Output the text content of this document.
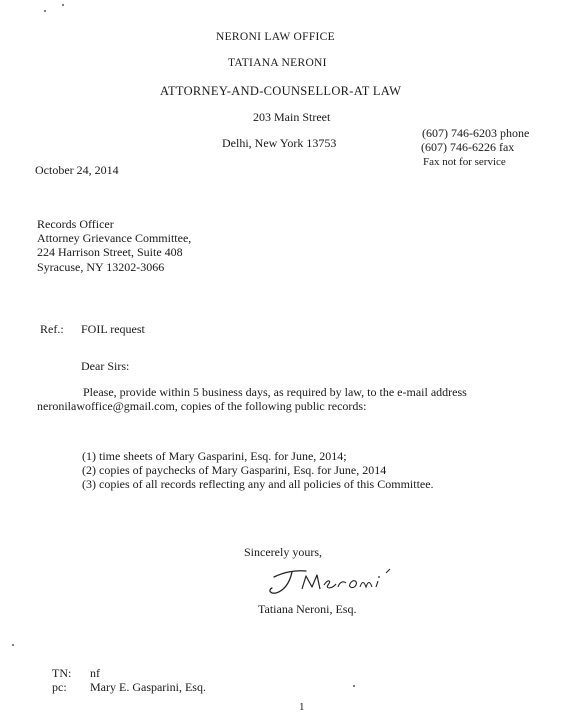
NERONI LAW OFFICE
TATIANA NERONI
ATTORNEY-AND-COUNSELLOR-AT LAW
203 Main Street
Delhi, New York 13753
(607) 746-6203 phone
(607) 746-6226 fax
Fax not for service
October 24, 2014
Records Officer
Attorney Grievance Committee,
224 Harrison Street, Suite 408
Syracuse, NY 13202-3066
Ref.: FOIL request
Dear Sirs:
Please, provide within 5 business days, as required by law, to the e-mail address
neronilawoffice@gmail.com, copies of the following public records:
(1) time sheets of Mary Gasparini, Esq. for June, 2014;
(2) copies of paychecks of Mary Gasparini, Esq. for June, 2014
(3) copies of all records reflecting any and all policies of this Committee.
Sincerely yours,
Tatiana Neroni, Esq.
TN: nf
pc: Mary E. Gasparini, Esq.
1
